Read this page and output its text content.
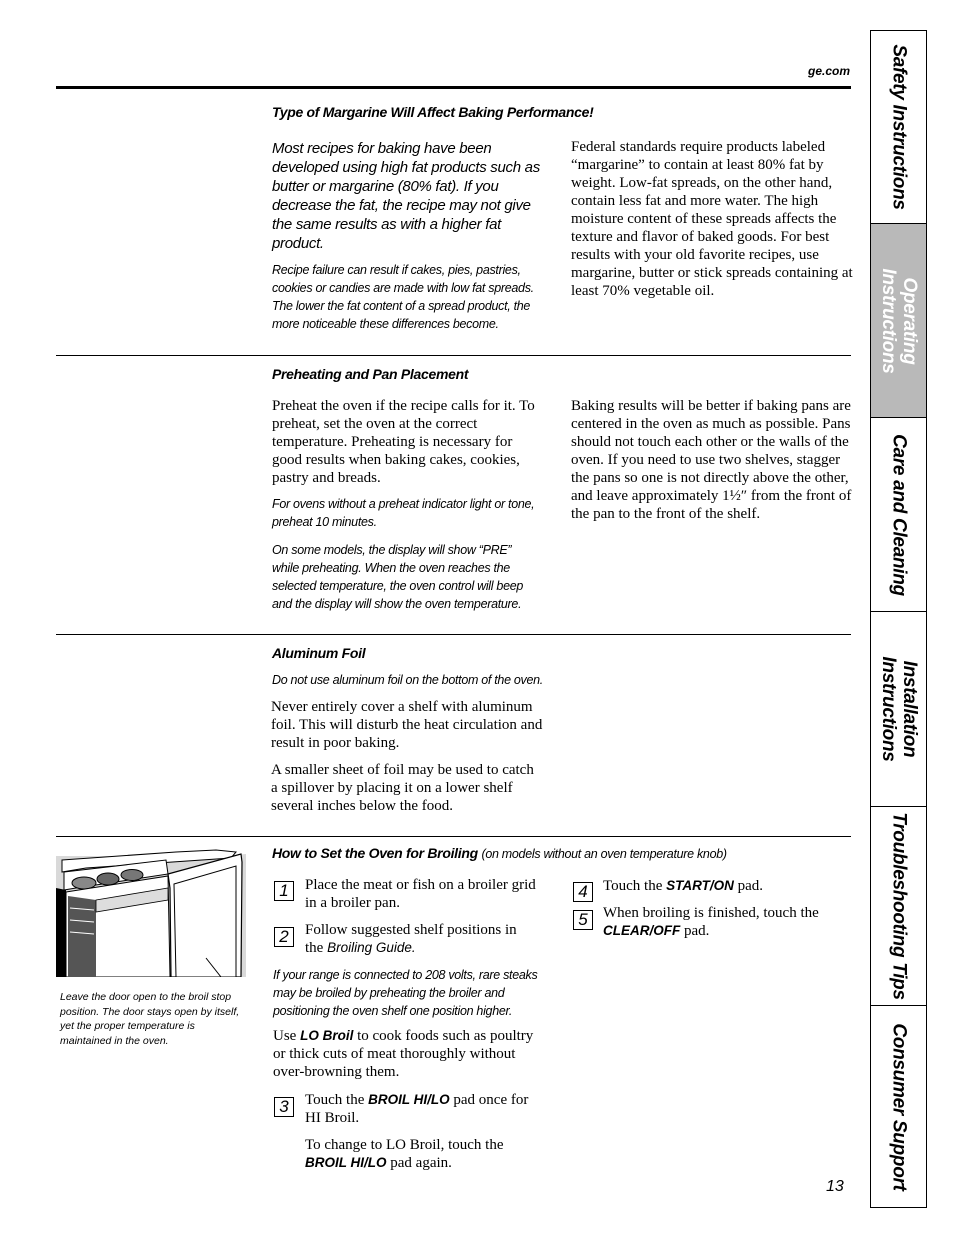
ge.com
Type of Margarine Will Affect Baking Performance!

Most recipes for baking have been developed using high fat products such as butter or margarine (80% fat). If you decrease the fat, the recipe may not give the same results as with a higher fat product.

Recipe failure can result if cakes, pies, pastries, cookies or candies are made with low fat spreads. The lower the fat content of a spread product, the more noticeable these differences become.

Federal standards require products labeled “margarine” to contain at least 80% fat by weight. Low-fat spreads, on the other hand, contain less fat and more water. The high moisture content of these spreads affects the texture and flavor of baked goods. For best results with your old favorite recipes, use margarine, butter or stick spreads containing at least 70% vegetable oil.

Preheating and Pan Placement

Preheat the oven if the recipe calls for it. To preheat, set the oven at the correct temperature. Preheating is necessary for good results when baking cakes, cookies, pastry and breads.

For ovens without a preheat indicator light or tone, preheat 10 minutes.

On some models, the display will show “PRE” while preheating. When the oven reaches the selected temperature, the oven control will beep and the display will show the oven temperature.

Baking results will be better if baking pans are centered in the oven as much as possible. Pans should not touch each other or the walls of the oven. If you need to use two shelves, stagger the pans so one is not directly above the other, and leave approximately 1½″ from the front of the pan to the front of the shelf.

Aluminum Foil

Do not use aluminum foil on the bottom of the oven.

Never entirely cover a shelf with aluminum foil. This will disturb the heat circulation and result in poor baking.

A smaller sheet of foil may be used to catch a spillover by placing it on a lower shelf several inches below the food.

Leave the door open to the broil stop position. The door stays open by itself, yet the proper temperature is maintained in the oven.

How to Set the Oven for Broiling (on models without an oven temperature knob)
1	Place the meat or fish on a broiler grid in a broiler pan.

2	Follow suggested shelf positions in the Broiling Guide.

If your range is connected to 208 volts, rare steaks may be broiled by preheating the broiler and positioning the oven shelf one position higher.

Use LO Broil to cook foods such as poultry or thick cuts of meat thoroughly without over-browning them.

3	Touch the BROIL HI/LO pad once for HI Broil.

To change to LO Broil, touch the BROIL HI/LO pad again.

4	Touch the START/ON pad.

5	When broiling is finished, touch the CLEAR/OFF pad.

13
Safety Instructions
Operating Instructions
Care and Cleaning
Installation Instructions
Troubleshooting Tips
Consumer Support
